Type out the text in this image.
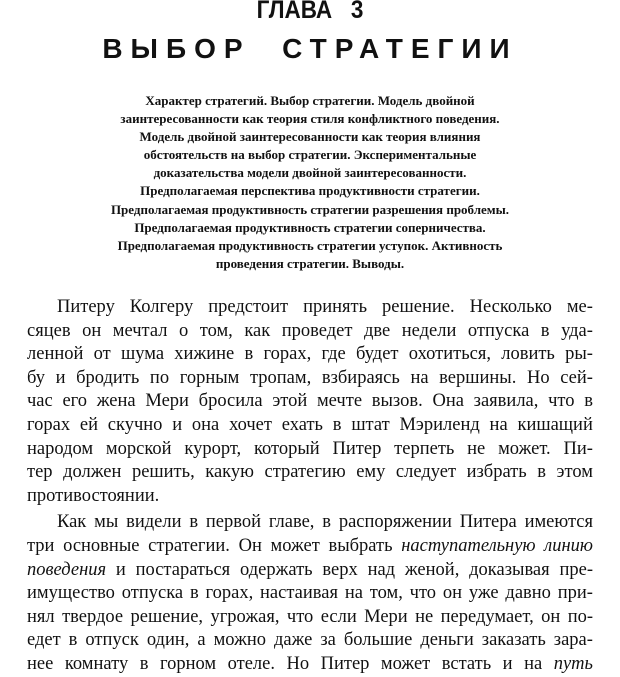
ГЛАВА   3
ВЫБОР  СТРАТЕГИИ
Характер стратегий. Выбор стратегии. Модель двойной
заинтересованности как теория стиля конфликтного поведения.
Модель двойной заинтересованности как теория влияния
обстоятельств на выбор стратегии. Экспериментальные
доказательства модели двойной заинтересованности.
Предполагаемая перспектива продуктивности стратегии.
Предполагаемая продуктивность стратегии разрешения проблемы.
Предполагаемая продуктивность стратегии соперничества.
Предполагаемая продуктивность стратегии уступок. Активность
проведения стратегии. Выводы.
Питеру Колгеру предстоит принять решение. Несколько ме-
сяцев он мечтал о том, как проведет две недели отпуска в уда-
ленной от шума хижине в горах, где будет охотиться, ловить ры-
бу и бродить по горным тропам, взбираясь на вершины. Но сей-
час его жена Мери бросила этой мечте вызов. Она заявила, что в
горах ей скучно и она хочет ехать в штат Мэриленд на кишащий
народом морской курорт, который Питер терпеть не может. Пи-
тер должен решить, какую стратегию ему следует избрать в этом
противостоянии.
Как мы видели в первой главе, в распоряжении Питера имеются
три основные стратегии. Он может выбрать наступательную линию
поведения и постараться одержать верх над женой, доказывая пре-
имущество отпуска в горах, настаивая на том, что он уже давно при-
нял твердое решение, угрожая, что если Мери не передумает, он по-
едет в отпуск один, а можно даже за большие деньги заказать зара-
нее комнату в горном отеле. Но Питер может встать и на путь
